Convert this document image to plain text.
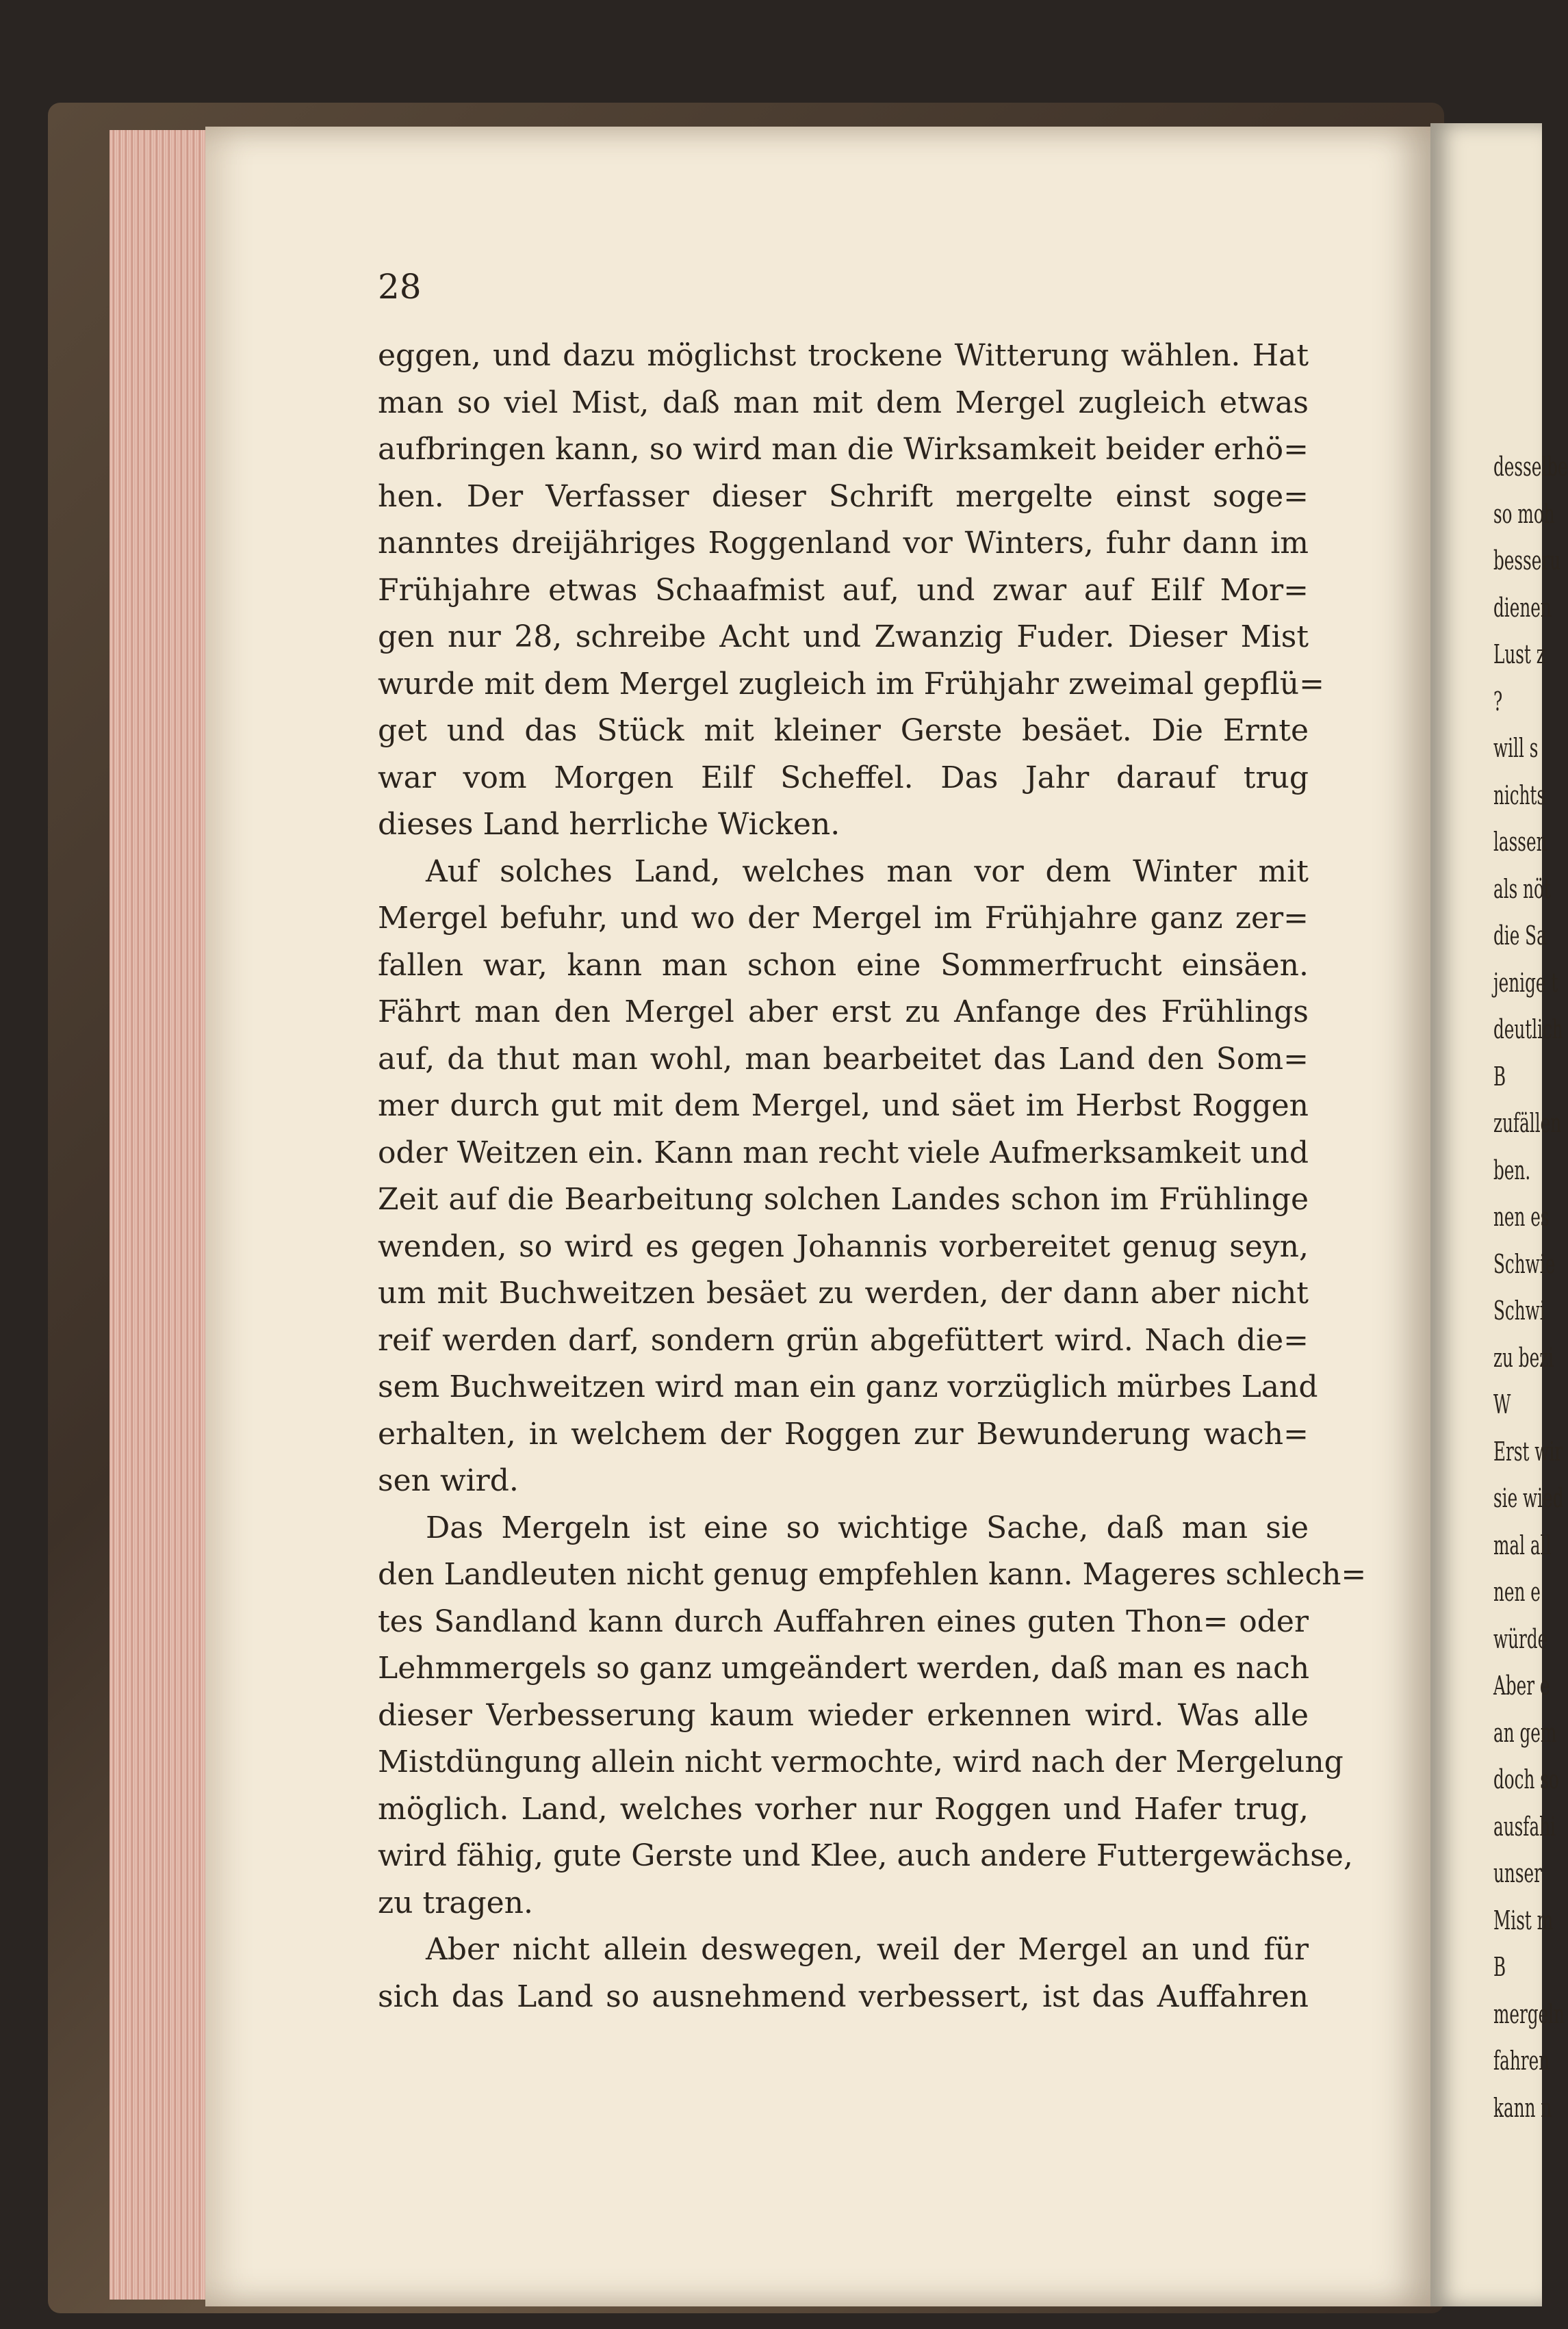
28
eggen, und dazu möglichst trockene Witterung wählen. Hat
man so viel Mist, daß man mit dem Mergel zugleich etwas
aufbringen kann, so wird man die Wirksamkeit beider erhö=
hen. Der Verfasser dieser Schrift mergelte einst soge=
nanntes dreijähriges Roggenland vor Winters, fuhr dann im
Frühjahre etwas Schaafmist auf, und zwar auf Eilf Mor=
gen nur 28, schreibe Acht und Zwanzig Fuder. Dieser Mist
wurde mit dem Mergel zugleich im Frühjahr zweimal gepflü=
get und das Stück mit kleiner Gerste besäet. Die Ernte
war vom Morgen Eilf Scheffel. Das Jahr darauf trug
dieses Land herrliche Wicken.
Auf solches Land, welches man vor dem Winter mit
Mergel befuhr, und wo der Mergel im Frühjahre ganz zer=
fallen war, kann man schon eine Sommerfrucht einsäen.
Fährt man den Mergel aber erst zu Anfange des Frühlings
auf, da thut man wohl, man bearbeitet das Land den Som=
mer durch gut mit dem Mergel, und säet im Herbst Roggen
oder Weitzen ein. Kann man recht viele Aufmerksamkeit und
Zeit auf die Bearbeitung solchen Landes schon im Frühlinge
wenden, so wird es gegen Johannis vorbereitet genug seyn,
um mit Buchweitzen besäet zu werden, der dann aber nicht
reif werden darf, sondern grün abgefüttert wird. Nach die=
sem Buchweitzen wird man ein ganz vorzüglich mürbes Land
erhalten, in welchem der Roggen zur Bewunderung wach=
sen wird.
Das Mergeln ist eine so wichtige Sache, daß man sie
den Landleuten nicht genug empfehlen kann. Mageres schlech=
tes Sandland kann durch Auffahren eines guten Thon= oder
Lehmmergels so ganz umgeändert werden, daß man es nach
dieser Verbesserung kaum wieder erkennen wird. Was alle
Mistdüngung allein nicht vermochte, wird nach der Mergelung
möglich. Land, welches vorher nur Roggen und Hafer trug,
wird fähig, gute Gerste und Klee, auch andere Futtergewächse,
zu tragen.
Aber nicht allein deswegen, weil der Mergel an und für
sich das Land so ausnehmend verbessert, ist das Auffahren
desselbe
so moh
besseru
dienen
Lust z
?
will s
nichts
lassen
als nöt
die Sa
jenige t
deutlich
B
zufällen
ben.
nen es
Schwie
Schwi
zu bezi
W
Erst wir
sie wied
mal all
nen e
würde
Aber e
an gem
doch so
ausfahi
unser
Mist m
B
mergeln
fahren
kann n
